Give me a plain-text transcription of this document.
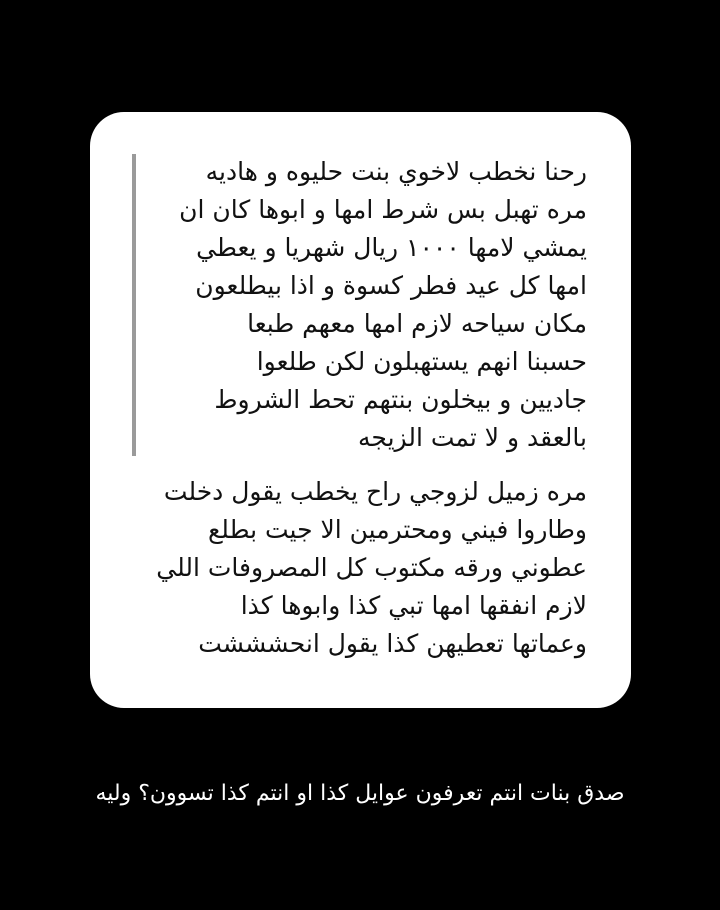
رحنا نخطب لاخوي بنت حليوه و هاديه
مره تهبل بس شرط امها و ابوها كان ان
يمشي لامها ١٠٠٠ ريال شهريا و يعطي
امها كل عيد فطر كسوة و اذا بيطلعون
مكان سياحه لازم امها معهم طبعا
حسبنا انهم يستهبلون لكن طلعوا
جاديين و بيخلون بنتهم تحط الشروط
بالعقد و لا تمت الزيجه
مره زميل لزوجي راح يخطب يقول دخلت
وطاروا فيني ومحترمين الا جيت بطلع
عطوني ورقه مكتوب كل المصروفات اللي
لازم انفقها امها تبي كذا وابوها كذا
وعماتها تعطيهن كذا يقول انحشششت
صدق بنات انتم تعرفون عوايل كذا او انتم كذا تسوون؟ وليه
